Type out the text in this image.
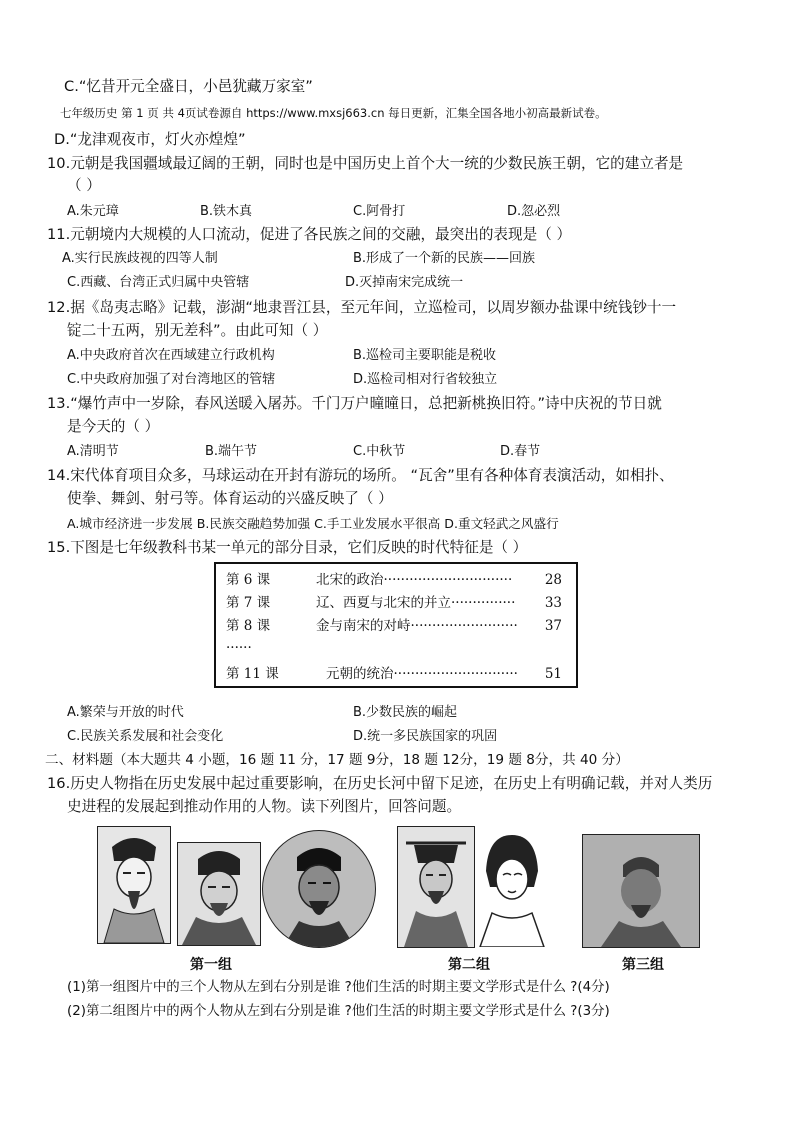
C.“忆昔开元全盛日，小邑犹藏万家室”
七年级历史 第 1 页 共 4页试卷源自 https://www.mxsj663.cn 每日更新，汇集全国各地小初高最新试卷。
D.“龙津观夜市，灯火亦煌煌”
10.元朝是我国疆域最辽阔的王朝，同时也是中国历史上首个大一统的少数民族王朝，它的建立者是
（ ）
A.朱元璋	B.铁木真	C.阿骨打	D.忽必烈
11.元朝境内大规模的人口流动，促进了各民族之间的交融，最突出的表现是（ ）
A.实行民族歧视的四等人制	B.形成了一个新的民族——回族
C.西藏、台湾正式归属中央管辖	D.灭掉南宋完成统一
12.据《岛夷志略》记载，澎湖“地隶晋江县，至元年间，立巡检司，以周岁额办盐课中统钱钞十一
锭二十五两，别无差科”。由此可知（ ）
A.中央政府首次在西域建立行政机构	B.巡检司主要职能是税收
C.中央政府加强了对台湾地区的管辖	D.巡检司相对行省较独立
13.“爆竹声中一岁除，春风送暖入屠苏。千门万户曈曈日，总把新桃换旧符。”诗中庆祝的节日就
是今天的（ ）
A.清明节	B.端午节	C.中秋节	D.春节
14.宋代体育项目众多，马球运动在开封有游玩的场所。 “瓦舍”里有各种体育表演活动，如相扑、
使拳、舞剑、射弓等。体育运动的兴盛反映了（ ）
A.城市经济进一步发展 B.民族交融趋势加强 C.手工业发展水平很高 D.重文轻武之风盛行
15.下图是七年级教科书某一单元的部分目录，它们反映的时代特征是（ ）
第 6 课	北宋的政治······························ 28
第 7 课	辽、西夏与北宋的并立··············· 33
第 8 课	金与南宋的对峙························· 37
······
第 11 课	元朝的统治····························· 51
A.繁荣与开放的时代	B.少数民族的崛起
C.民族关系发展和社会变化	D.统一多民族国家的巩固
二、材料题（本大题共 4 小题，16 题 11 分，17 题 9分，18 题 12分，19 题 8分，共 40 分）
16.历史人物指在历史发展中起过重要影响，在历史长河中留下足迹，在历史上有明确记载，并对人类历
史进程的发展起到推动作用的人物。读下列图片，回答问题。
第一组	第二组	第三组
(1)第一组图片中的三个人物从左到右分别是谁 ?他们生活的时期主要文学形式是什么 ?(4分)
(2)第二组图片中的两个人物从左到右分别是谁 ?他们生活的时期主要文学形式是什么 ?(3分)
